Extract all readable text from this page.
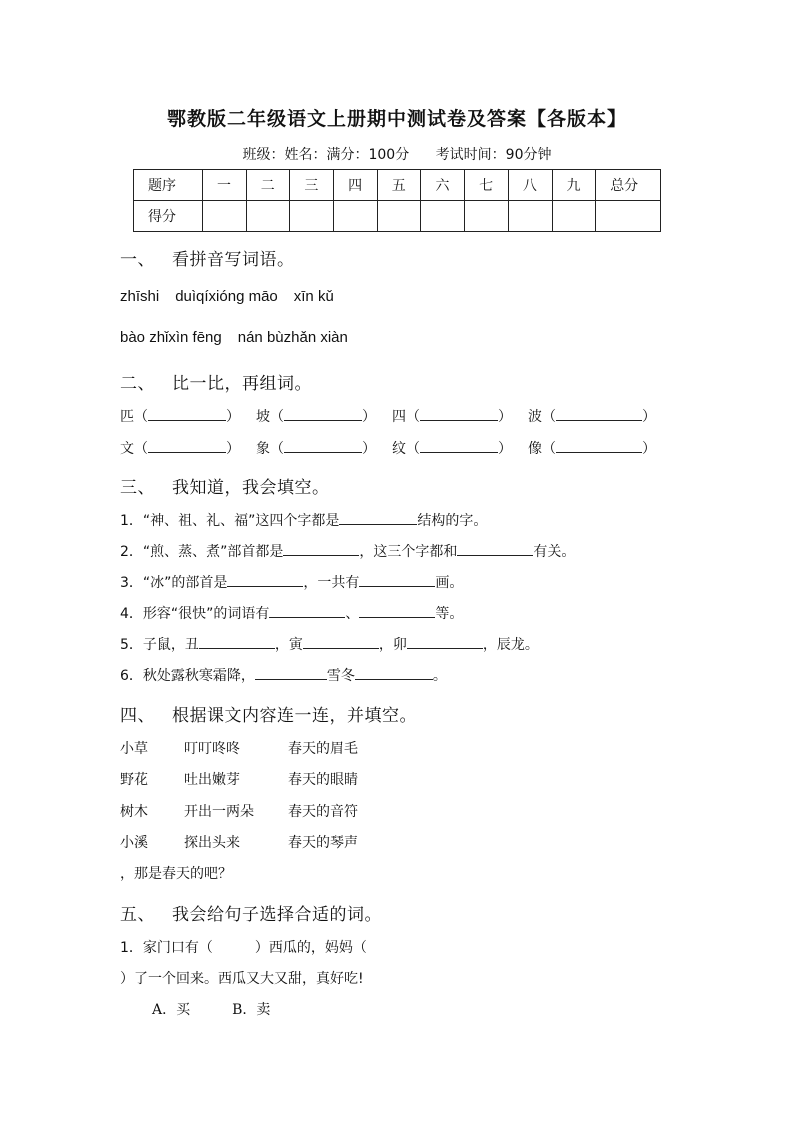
鄂教版二年级语文上册期中测试卷及答案【各版本】
班级：姓名：满分：100分 考试时间：90分钟
题序	一	二	三	四	五	六	七	八	九	总分
得分										
一、 看拼音写词语。
zhīshi duìqíxióng māo xīn kǔ
bào zhǐxìn fēng nán bùzhǎn xiàn
二、 比一比，再组词。
匹（	） 坡（	） 四（	） 波（	）
文（	） 象（	） 纹（	） 像（	）
三、 我知道，我会填空。
1．“神、祖、礼、福”这四个字都是	结构的字。
2．“煎、蒸、煮”部首都是	，这三个字都和	有关。
3．“冰”的部首是	，一共有	画。
4．形容“很快”的词语有	、	等。
5．子鼠，丑	，寅	，卯	，辰龙。
6．秋处露秋寒霜降，	雪冬	。
四、 根据课文内容连一连，并填空。
小草	叮叮咚咚	春天的眉毛
野花	吐出嫩芽	春天的眼睛
树木	开出一两朵 春天的音符
小溪	探出头来	春天的琴声
，那是春天的吧？
五、 我会给句子选择合适的词。
1．家门口有（　　　）西瓜的，妈妈（
）了一个回来。西瓜又大又甜，真好吃!
A．买	B．卖
